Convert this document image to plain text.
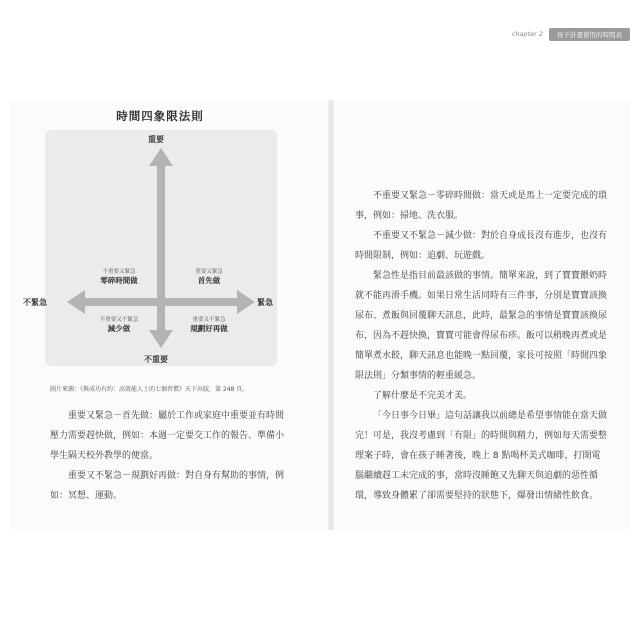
chapter 2	孩子計畫使用的時間表
時間四象限法則
重要
不重要
不緊急	緊急
不重要又緊急
零碎時間做
重要又緊急
首先做
不重要又不緊急
減少做
重要又不緊急
規劃好再做
圖片來源：《與成功有約：高效能人士的七個習慣》天下出版，第 248 頁。

重要又緊急－首先做：屬於工作或家庭中重要並有時間壓力需要趕快做，例如：本週一定要交工作的報告、準備小學生隔天校外教學的便當。

重要又不緊急－規劃好再做：對自身有幫助的事情，例如：冥想、運動。

不重要又緊急－零碎時間做：當天或是馬上一定要完成的瑣事，例如：掃地、洗衣服。

不重要又不緊急－減少做：對於自身成長沒有進步，也沒有時間限制，例如：追劇、玩遊戲。

緊急性是指目前最該做的事情。簡單來說，到了寶寶餵奶時就不能再滑手機。如果日常生活同時有三件事，分別是寶寶該換尿布、煮飯與回覆聊天訊息，此時，最緊急的事情是寶寶該換尿布，因為不趕快換，寶寶可能會得尿布疹。飯可以稍晚再煮或是簡單煮水餃，聊天訊息也能晚一點回覆，家長可按照「時間四象限法則」分類事情的輕重緩急。

了解什麼是不完美才美。

「今日事今日畢」這句話讓我以前總是希望事情能在當天做完！可是，我沒考慮到「有限」的時間與精力，例如每天需要整理案子時，會在孩子睡著後，晚上 8 點喝杯美式咖啡，打開電腦繼續趕工未完成的事，當時沒睡飽又先聊天與追劇的惡性循環，導致身體累了卻需要堅持的狀態下，爆發出情緒性飲食。
